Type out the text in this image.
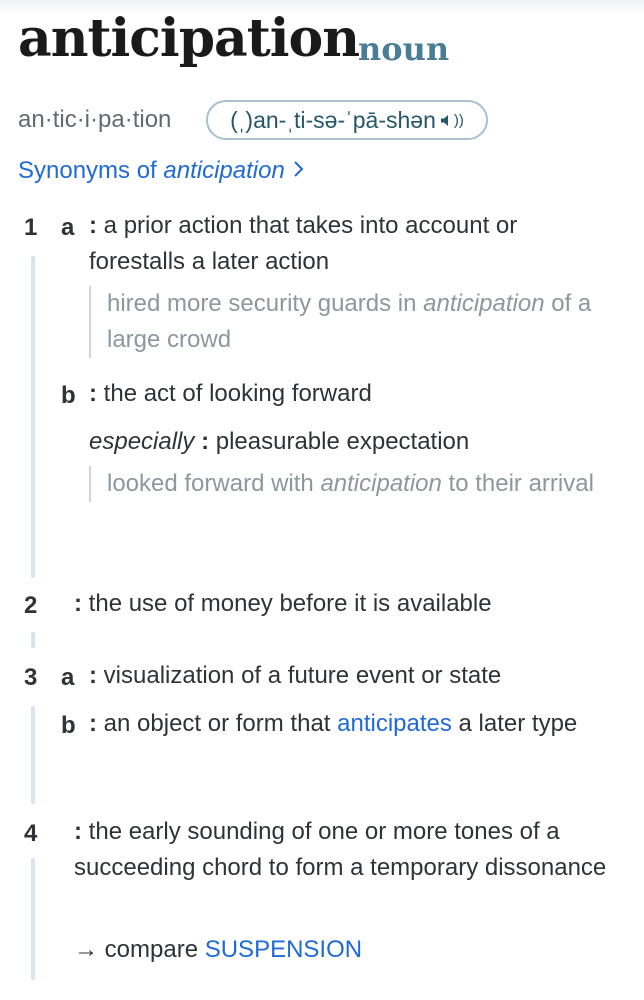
anticipation
noun
an·tic·i·pa·tion	(ˌ)an-ˌti-sə-ˈpā-shən ))
Synonyms of anticipation
1 a : a prior action that takes into account or forestalls a later action
hired more security guards in anticipation of a large crowd
b : the act of looking forward
especially : pleasurable expectation
looked forward with anticipation to their arrival
2 : the use of money before it is available
3 a : visualization of a future event or state
b : an object or form that anticipates a later type
4 : the early sounding of one or more tones of a succeeding chord to form a temporary dissonance
→ compare SUSPENSION
